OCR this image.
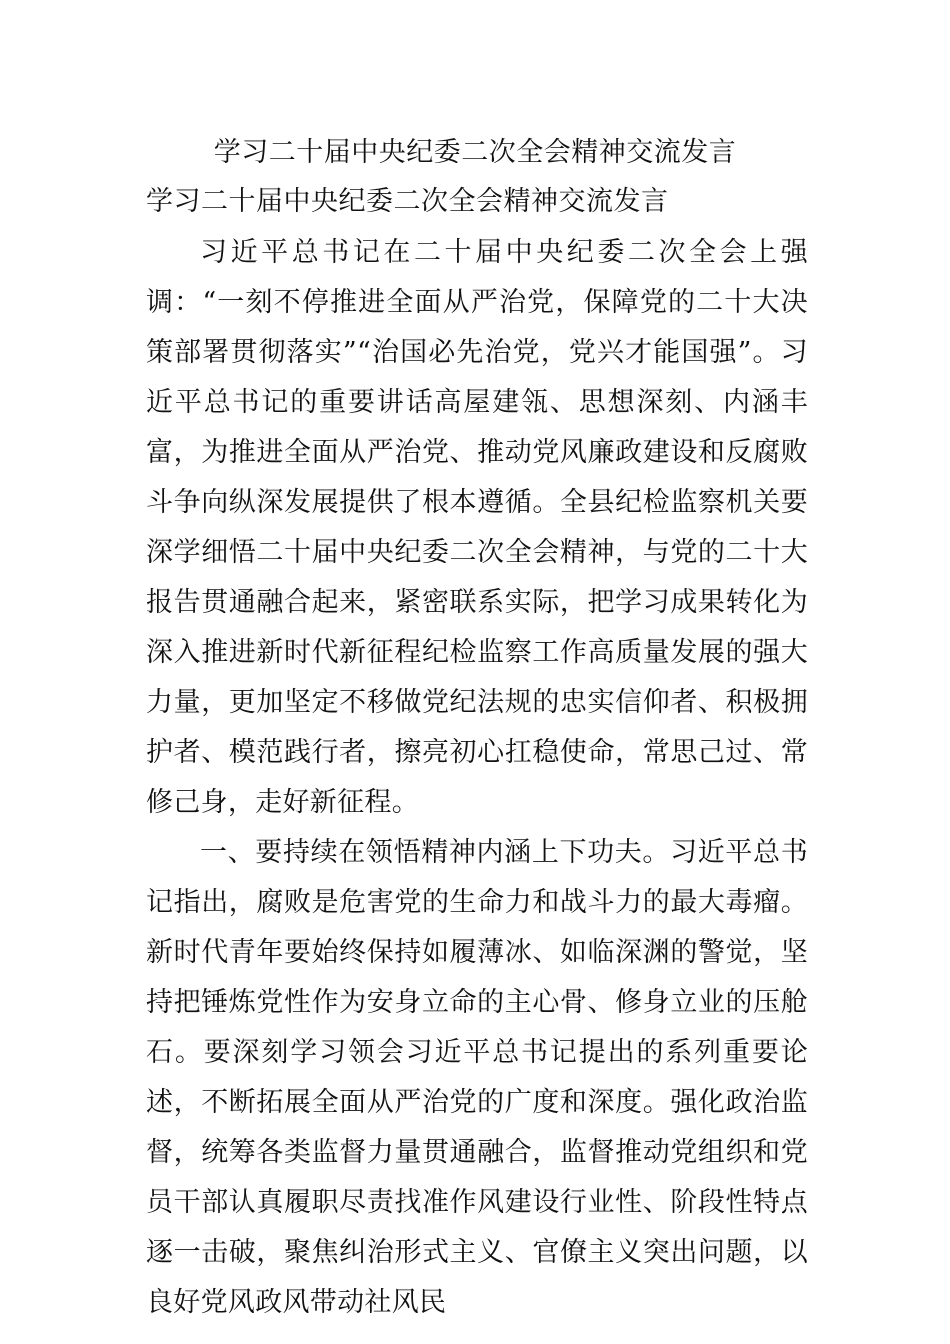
学习二十届中央纪委二次全会精神交流发言
学习二十届中央纪委二次全会精神交流发言

习近平总书记在二十届中央纪委二次全会上强调：“一刻不停推进全面从严治党，保障党的二十大决策部署贯彻落实”“治国必先治党，党兴才能国强”。习近平总书记的重要讲话高屋建瓴、思想深刻、内涵丰富，为推进全面从严治党、推动党风廉政建设和反腐败斗争向纵深发展提供了根本遵循。全县纪检监察机关要深学细悟二十届中央纪委二次全会精神，与党的二十大报告贯通融合起来，紧密联系实际，把学习成果转化为深入推进新时代新征程纪检监察工作高质量发展的强大力量，更加坚定不移做党纪法规的忠实信仰者、积极拥护者、模范践行者，擦亮初心扛稳使命，常思己过、常修己身，走好新征程。

一、要持续在领悟精神内涵上下功夫。习近平总书记指出，腐败是危害党的生命力和战斗力的最大毒瘤。新时代青年要始终保持如履薄冰、如临深渊的警觉，坚持把锤炼党性作为安身立命的主心骨、修身立业的压舱石。要深刻学习领会习近平总书记提出的系列重要论述，不断拓展全面从严治党的广度和深度。强化政治监督，统筹各类监督力量贯通融合，监督推动党组织和党员干部认真履职尽责找准作风建设行业性、阶段性特点逐一击破，聚焦纠治形式主义、官僚主义突出问题，以良好党风政风带动社风民
